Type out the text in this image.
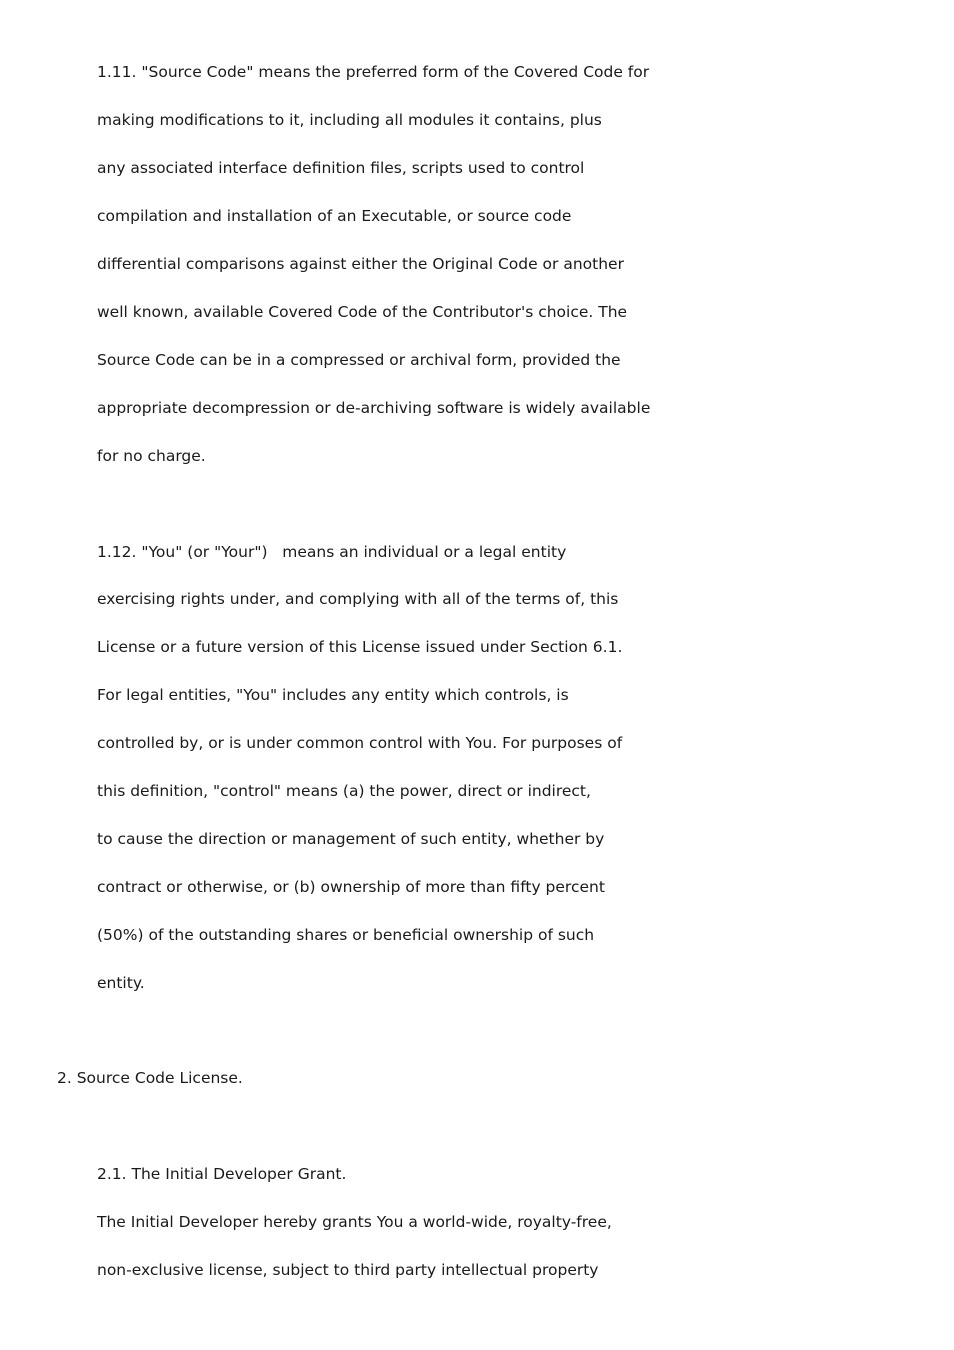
1.11. "Source Code" means the preferred form of the Covered Code for

making modifications to it, including all modules it contains, plus

any associated interface definition files, scripts used to control

compilation and installation of an Executable, or source code

differential comparisons against either the Original Code or another

well known, available Covered Code of the Contributor's choice. The

Source Code can be in a compressed or archival form, provided the

appropriate decompression or de-archiving software is widely available

for no charge.

1.12. "You" (or "Your")   means an individual or a legal entity

exercising rights under, and complying with all of the terms of, this

License or a future version of this License issued under Section 6.1.

For legal entities, "You" includes any entity which controls, is

controlled by, or is under common control with You. For purposes of

this definition, "control" means (a) the power, direct or indirect,

to cause the direction or management of such entity, whether by

contract or otherwise, or (b) ownership of more than fifty percent

(50%) of the outstanding shares or beneficial ownership of such

entity.

2. Source Code License.

2.1. The Initial Developer Grant.

The Initial Developer hereby grants You a world-wide, royalty-free,

non-exclusive license, subject to third party intellectual property
